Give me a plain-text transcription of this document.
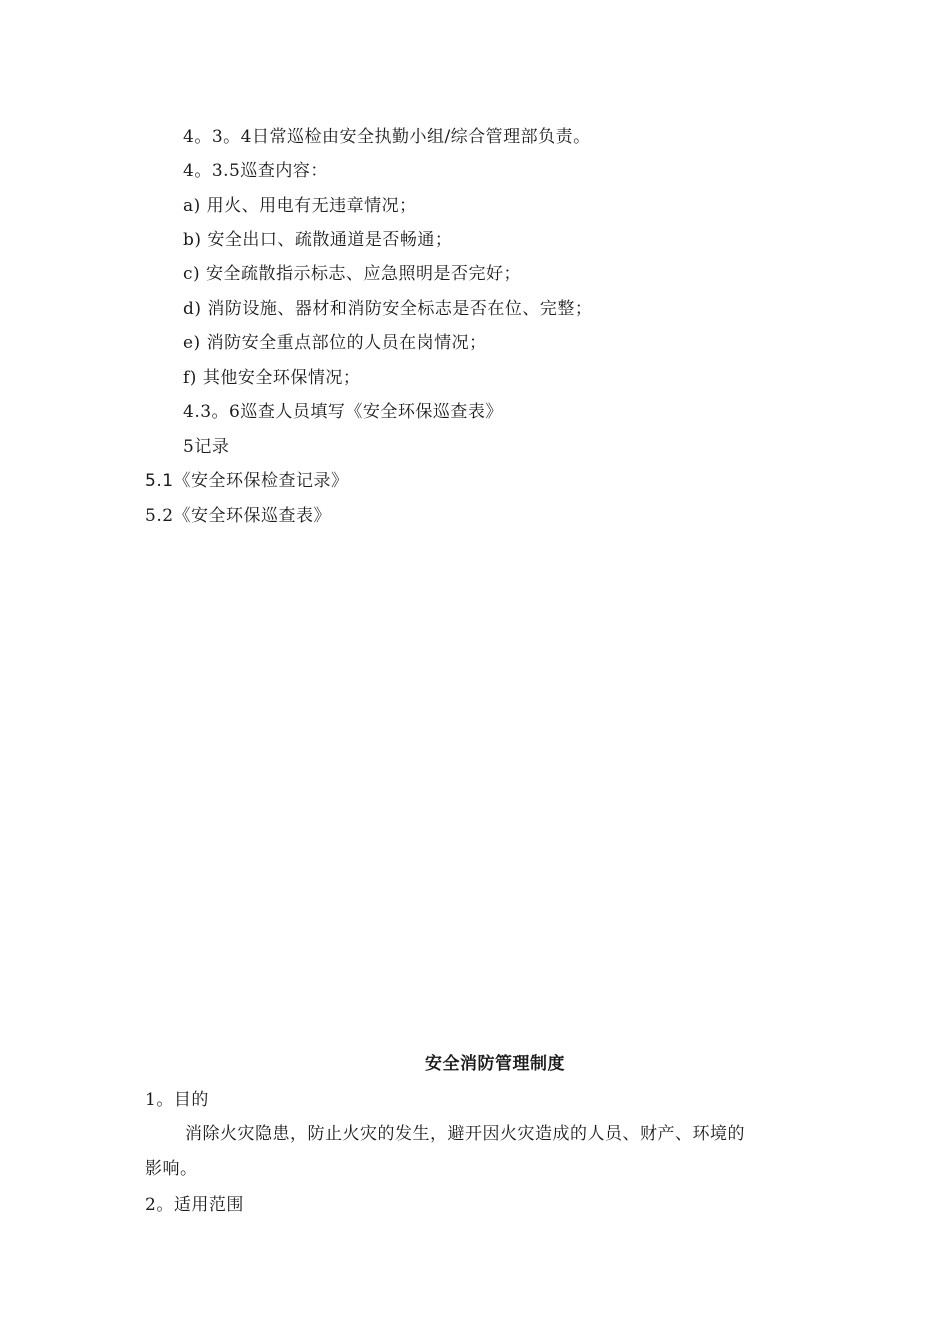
4。3。4日常巡检由安全执勤小组/综合管理部负责。
4。3.5巡查内容：
a) 用火、用电有无违章情况；
b) 安全出口、疏散通道是否畅通；
c) 安全疏散指示标志、应急照明是否完好；
d) 消防设施、器材和消防安全标志是否在位、完整；
e) 消防安全重点部位的人员在岗情况；
f) 其他安全环保情况；
4.3。6巡查人员填写《安全环保巡查表》
5记录
5.1《安全环保检查记录》
5.2《安全环保巡查表》
安全消防管理制度
1。目的
消除火灾隐患，防止火灾的发生，避开因火灾造成的人员、财产、环境的
影响。
2。适用范围
